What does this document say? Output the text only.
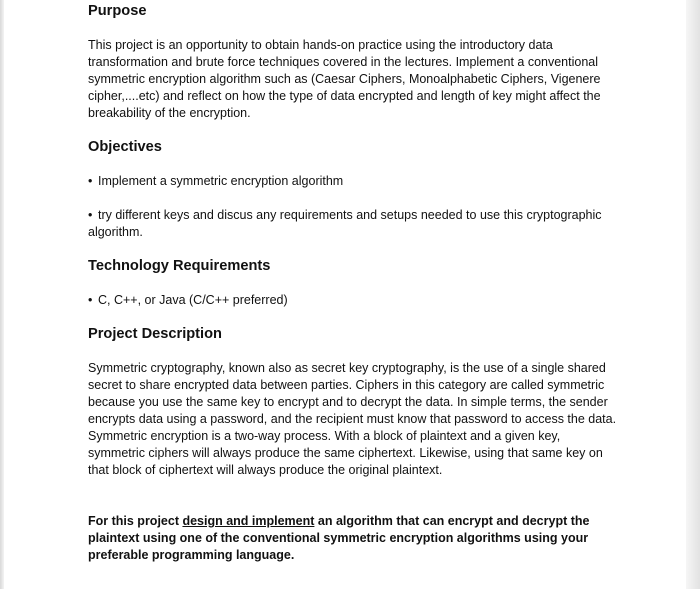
Purpose

This project is an opportunity to obtain hands-on practice using the introductory data transformation and brute force techniques covered in the lectures. Implement a conventional symmetric encryption algorithm such as (Caesar Ciphers, Monoalphabetic Ciphers, Vigenere cipher,....etc) and reflect on how the type of data encrypted and length of key might affect the breakability of the encryption.

Objectives

• Implement a symmetric encryption algorithm

• try different keys and discus any requirements and setups needed to use this cryptographic algorithm.

Technology Requirements

• C, C++, or Java (C/C++ preferred)

Project Description

Symmetric cryptography, known also as secret key cryptography, is the use of a single shared secret to share encrypted data between parties. Ciphers in this category are called symmetric because you use the same key to encrypt and to decrypt the data. In simple terms, the sender encrypts data using a password, and the recipient must know that password to access the data.

Symmetric encryption is a two-way process. With a block of plaintext and a given key, symmetric ciphers will always produce the same ciphertext. Likewise, using that same key on that block of ciphertext will always produce the original plaintext.

For this project design and implement an algorithm that can encrypt and decrypt the plaintext using one of the conventional symmetric encryption algorithms using your preferable programming language.
